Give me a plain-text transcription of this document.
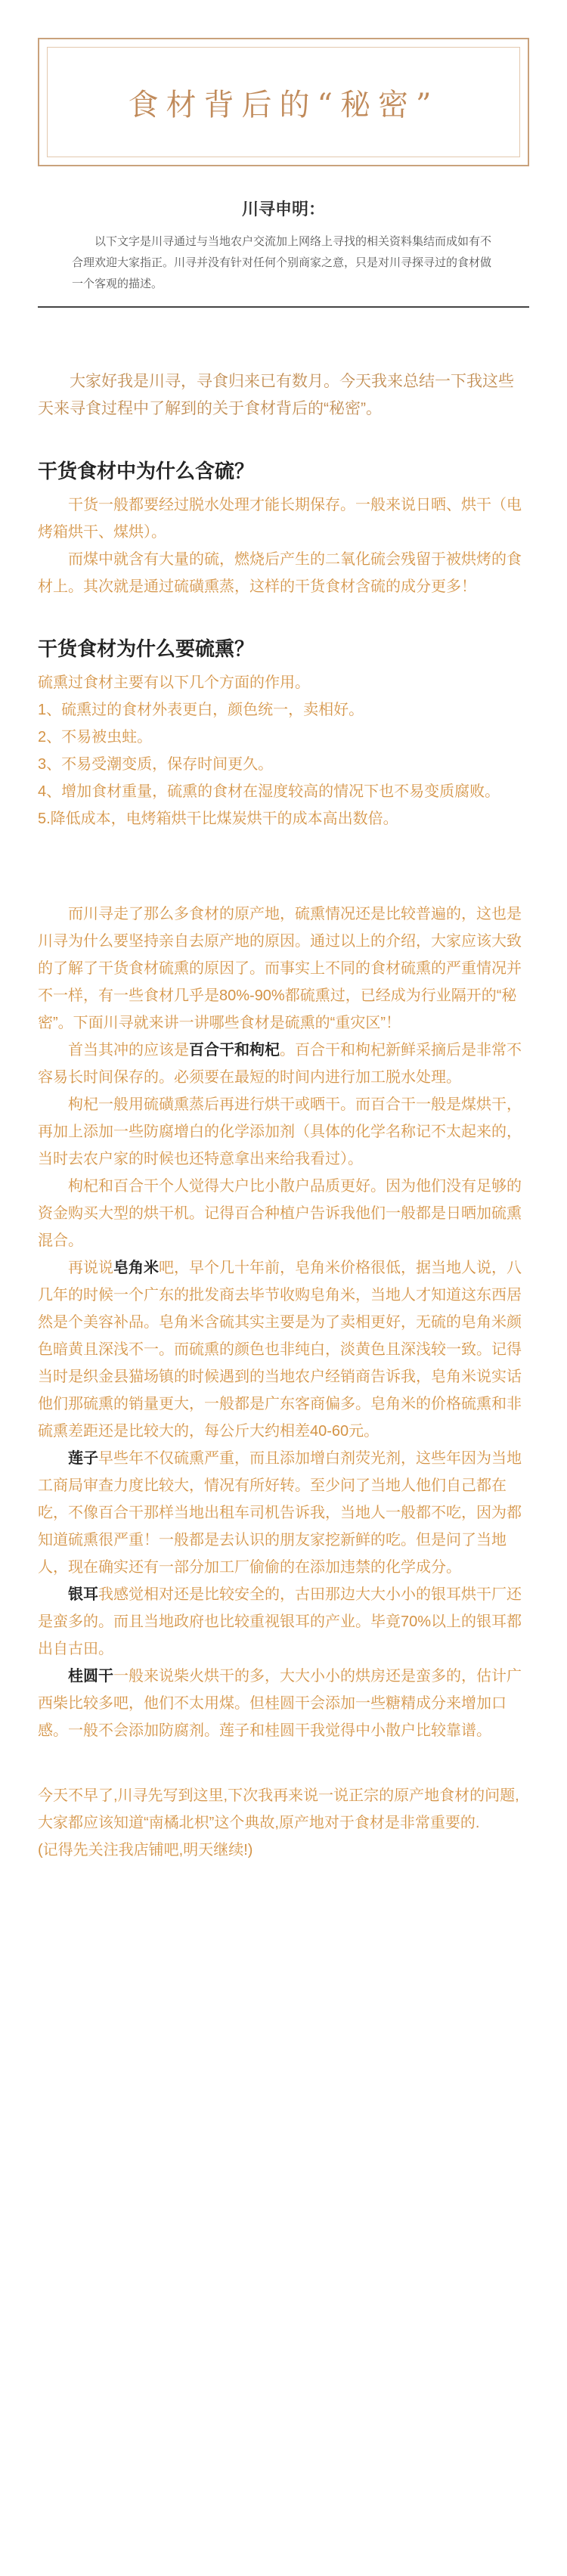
食材背后的“秘密”
川寻申明：
以下文字是川寻通过与当地农户交流加上网络上寻找的相关资料集结而成如有不合理欢迎大家指正。川寻并没有针对任何个别商家之意，只是对川寻探寻过的食材做一个客观的描述。

大家好我是川寻，寻食归来已有数月。今天我来总结一下我这些天来寻食过程中了解到的关于食材背后的“秘密”。

干货食材中为什么含硫？

干货一般都要经过脱水处理才能长期保存。一般来说日晒、烘干（电烤箱烘干、煤烘）。

而煤中就含有大量的硫，燃烧后产生的二氧化硫会残留于被烘烤的食材上。其次就是通过硫磺熏蒸，这样的干货食材含硫的成分更多！

干货食材为什么要硫熏？

硫熏过食材主要有以下几个方面的作用。

1、硫熏过的食材外表更白，颜色统一，卖相好。

2、不易被虫蛀。

3、不易受潮变质，保存时间更久。

4、增加食材重量，硫熏的食材在湿度较高的情况下也不易变质腐败。

5.降低成本，电烤箱烘干比煤炭烘干的成本高出数倍。

而川寻走了那么多食材的原产地，硫熏情况还是比较普遍的，这也是川寻为什么要坚持亲自去原产地的原因。通过以上的介绍，大家应该大致的了解了干货食材硫熏的原因了。而事实上不同的食材硫熏的严重情况并不一样，有一些食材几乎是80%-90%都硫熏过，已经成为行业隔开的“秘密”。下面川寻就来讲一讲哪些食材是硫熏的“重灾区”！

首当其冲的应该是百合干和枸杞。百合干和枸杞新鲜采摘后是非常不容易长时间保存的。必须要在最短的时间内进行加工脱水处理。

枸杞一般用硫磺熏蒸后再进行烘干或晒干。而百合干一般是煤烘干，再加上添加一些防腐增白的化学添加剂（具体的化学名称记不太起来的，当时去农户家的时候也还特意拿出来给我看过）。

枸杞和百合干个人觉得大户比小散户品质更好。因为他们没有足够的资金购买大型的烘干机。记得百合种植户告诉我他们一般都是日晒加硫熏混合。

再说说皂角米吧，早个几十年前，皂角米价格很低，据当地人说，八几年的时候一个广东的批发商去毕节收购皂角米，当地人才知道这东西居然是个美容补品。皂角米含硫其实主要是为了卖相更好，无硫的皂角米颜色暗黄且深浅不一。而硫熏的颜色也非纯白，淡黄色且深浅较一致。记得当时是织金县猫场镇的时候遇到的当地农户经销商告诉我，皂角米说实话他们那硫熏的销量更大，一般都是广东客商偏多。皂角米的价格硫熏和非硫熏差距还是比较大的，每公斤大约相差40-60元。

莲子早些年不仅硫熏严重，而且添加增白剂荧光剂，这些年因为当地工商局审查力度比较大，情况有所好转。至少问了当地人他们自己都在吃，不像百合干那样当地出租车司机告诉我，当地人一般都不吃，因为都知道硫熏很严重！一般都是去认识的朋友家挖新鲜的吃。但是问了当地人，现在确实还有一部分加工厂偷偷的在添加违禁的化学成分。

银耳我感觉相对还是比较安全的，古田那边大大小小的银耳烘干厂还是蛮多的。而且当地政府也比较重视银耳的产业。毕竟70%以上的银耳都出自古田。

桂圆干一般来说柴火烘干的多，大大小小的烘房还是蛮多的，估计广西柴比较多吧，他们不太用煤。但桂圆干会添加一些糖精成分来增加口感。一般不会添加防腐剂。莲子和桂圆干我觉得中小散户比较靠谱。

今天不早了,川寻先写到这里,下次我再来说一说正宗的原产地食材的问题, 大家都应该知道“南橘北枳”这个典故,原产地对于食材是非常重要的.

(记得先关注我店铺吧,明天继续!)
